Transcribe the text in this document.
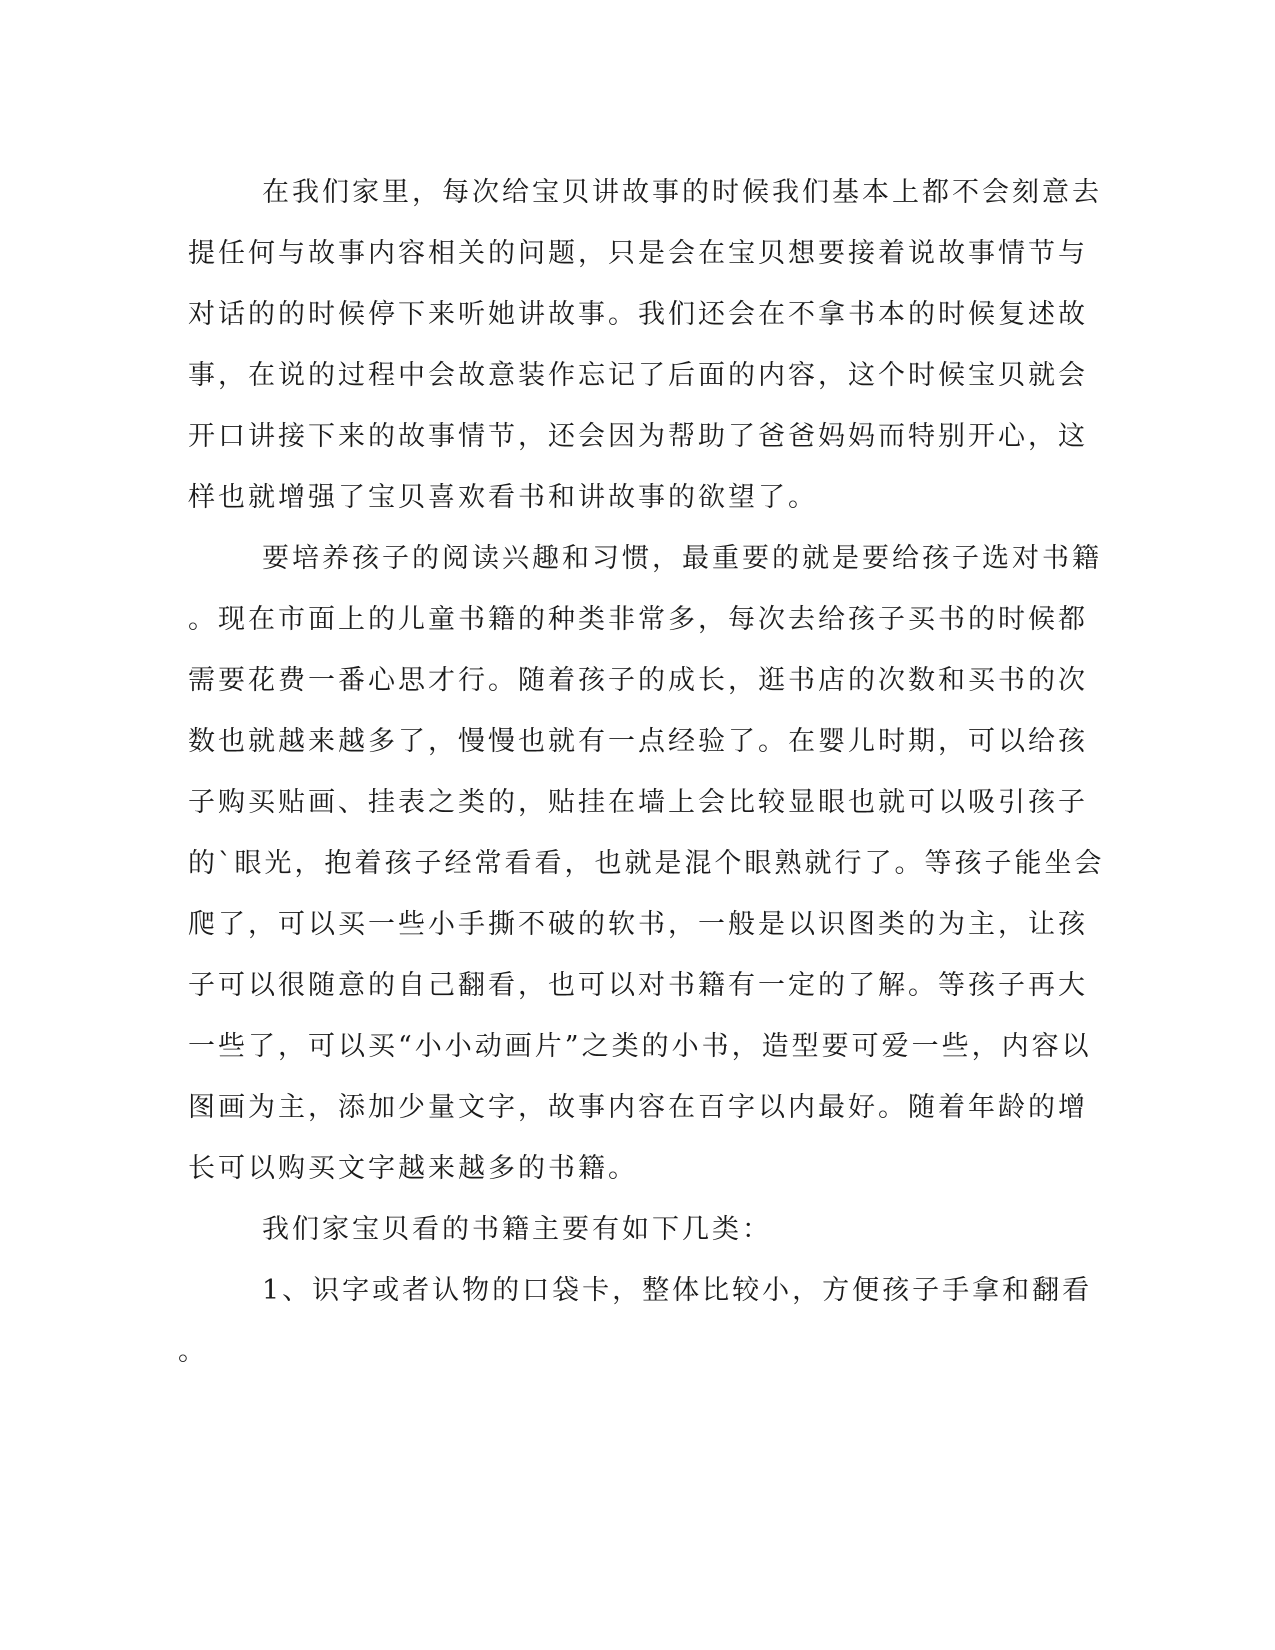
在我们家里，每次给宝贝讲故事的时候我们基本上都不会刻意去
提任何与故事内容相关的问题，只是会在宝贝想要接着说故事情节与
对话的的时候停下来听她讲故事。我们还会在不拿书本的时候复述故
事，在说的过程中会故意装作忘记了后面的内容，这个时候宝贝就会
开口讲接下来的故事情节，还会因为帮助了爸爸妈妈而特别开心，这
样也就增强了宝贝喜欢看书和讲故事的欲望了。
要培养孩子的阅读兴趣和习惯，最重要的就是要给孩子选对书籍
。现在市面上的儿童书籍的种类非常多，每次去给孩子买书的时候都
需要花费一番心思才行。随着孩子的成长，逛书店的次数和买书的次
数也就越来越多了，慢慢也就有一点经验了。在婴儿时期，可以给孩
子购买贴画、挂表之类的，贴挂在墙上会比较显眼也就可以吸引孩子
的`眼光，抱着孩子经常看看，也就是混个眼熟就行了。等孩子能坐会
爬了，可以买一些小手撕不破的软书，一般是以识图类的为主，让孩
子可以很随意的自己翻看，也可以对书籍有一定的了解。等孩子再大
一些了，可以买“小小动画片”之类的小书，造型要可爱一些，内容以
图画为主，添加少量文字，故事内容在百字以内最好。随着年龄的增
长可以购买文字越来越多的书籍。
我们家宝贝看的书籍主要有如下几类：
1、识字或者认物的口袋卡，整体比较小，方便孩子手拿和翻看
。
